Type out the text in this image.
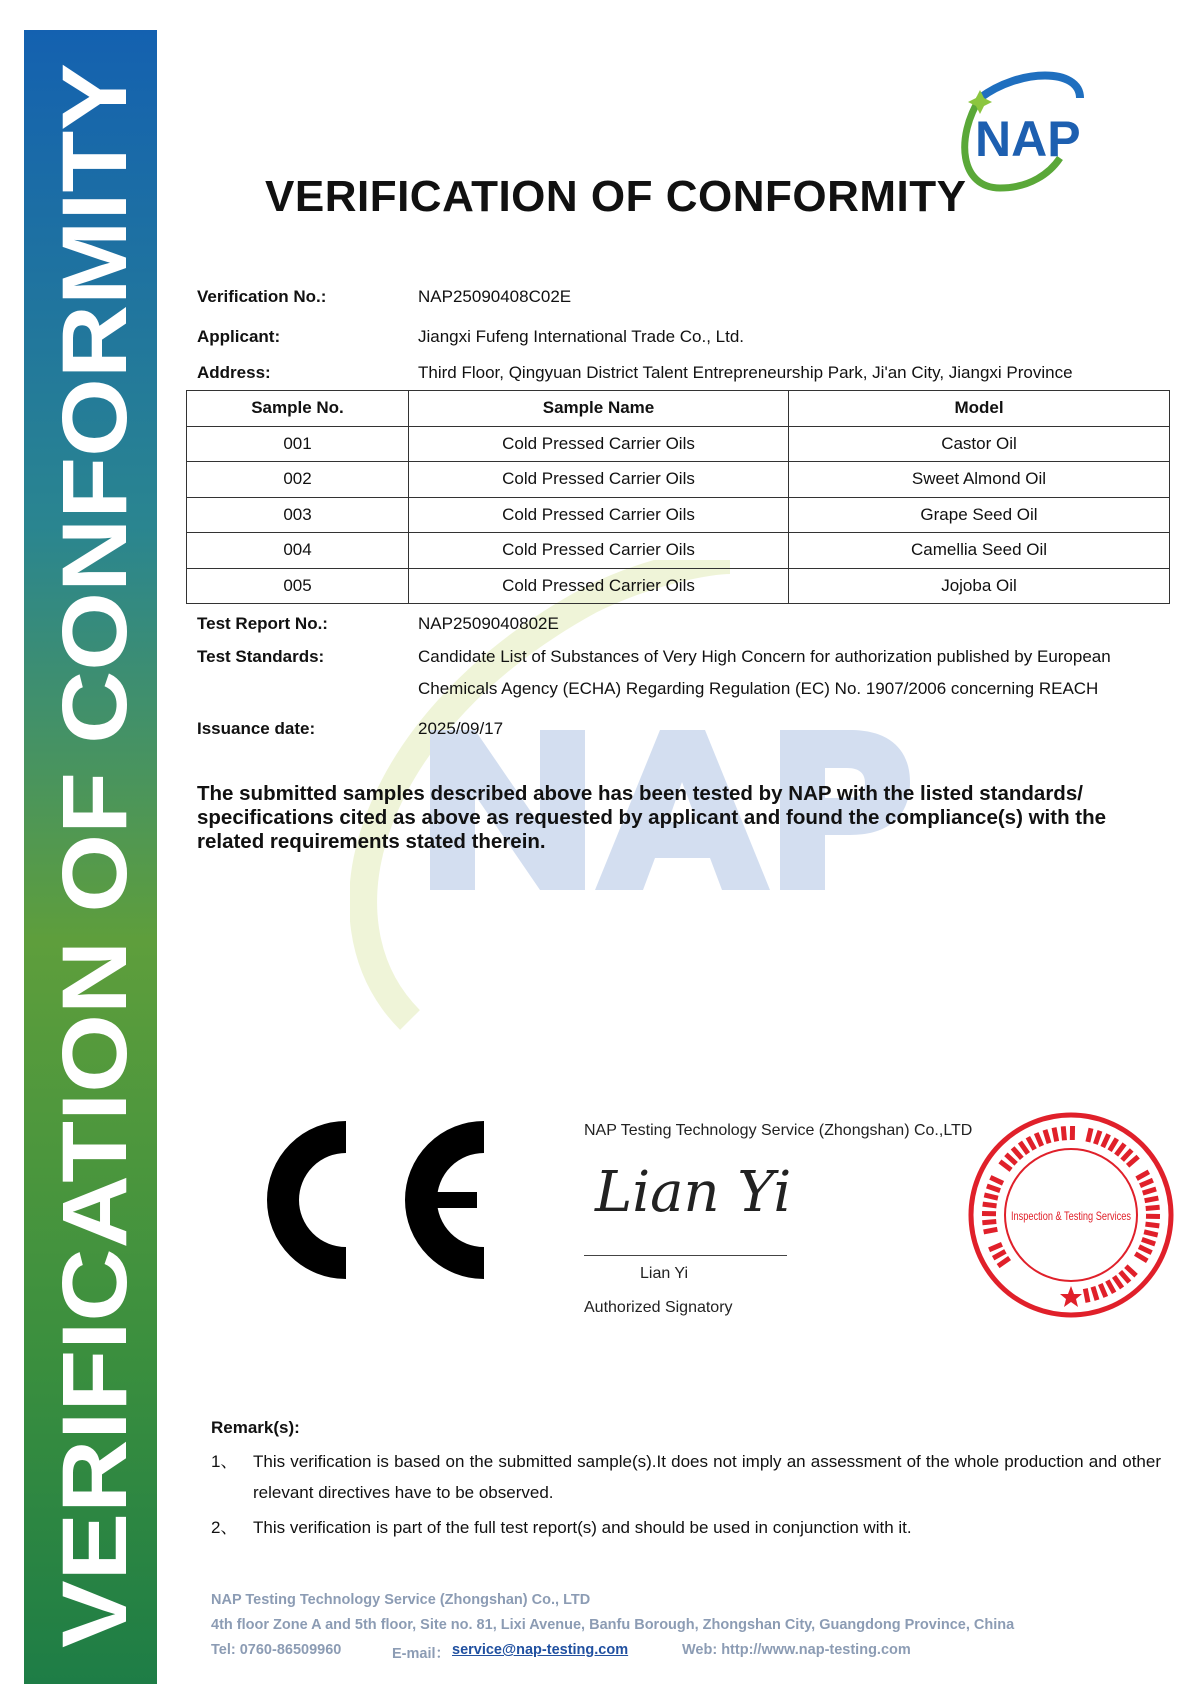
VERIFICATION OF CONFORMITY
NAP
VERIFICATION OF CONFORMITY
Verification No.:	NAP25090408C02E
Applicant:	Jiangxi Fufeng International Trade Co., Ltd.
Address:	Third Floor, Qingyuan District Talent Entrepreneurship Park, Ji'an City, Jiangxi Province
Sample No.	Sample Name	Model
001	Cold Pressed Carrier Oils	Castor Oil
002	Cold Pressed Carrier Oils	Sweet Almond Oil
003	Cold Pressed Carrier Oils	Grape Seed Oil
004	Cold Pressed Carrier Oils	Camellia Seed Oil
005	Cold Pressed Carrier Oils	Jojoba Oil
Test Report No.:	NAP2509040802E
Test Standards:	Candidate List of Substances of Very High Concern for authorization published by European
Chemicals Agency (ECHA) Regarding Regulation (EC) No. 1907/2006 concerning REACH
Issuance date:	2025/09/17
The submitted samples described above has been tested by NAP with the listed standards/ specifications cited as above as requested by applicant and found the compliance(s) with the related requirements stated therein.
NAP Testing Technology Service (Zhongshan) Co.,LTD
Lian Yi
Lian Yi
Authorized Signatory
Inspection & Testing Services
Remark(s):
1、 This verification is based on the submitted sample(s).It does not imply an assessment of the whole production and other relevant directives have to be observed.
2、 This verification is part of the full test report(s) and should be used in conjunction with it.
NAP Testing Technology Service (Zhongshan) Co., LTD
4th floor Zone A and 5th floor, Site no. 81, Lixi Avenue, Banfu Borough, Zhongshan City, Guangdong Province, China
Tel: 0760-86509960	E-mail： service@nap-testing.com	Web: http://www.nap-testing.com
